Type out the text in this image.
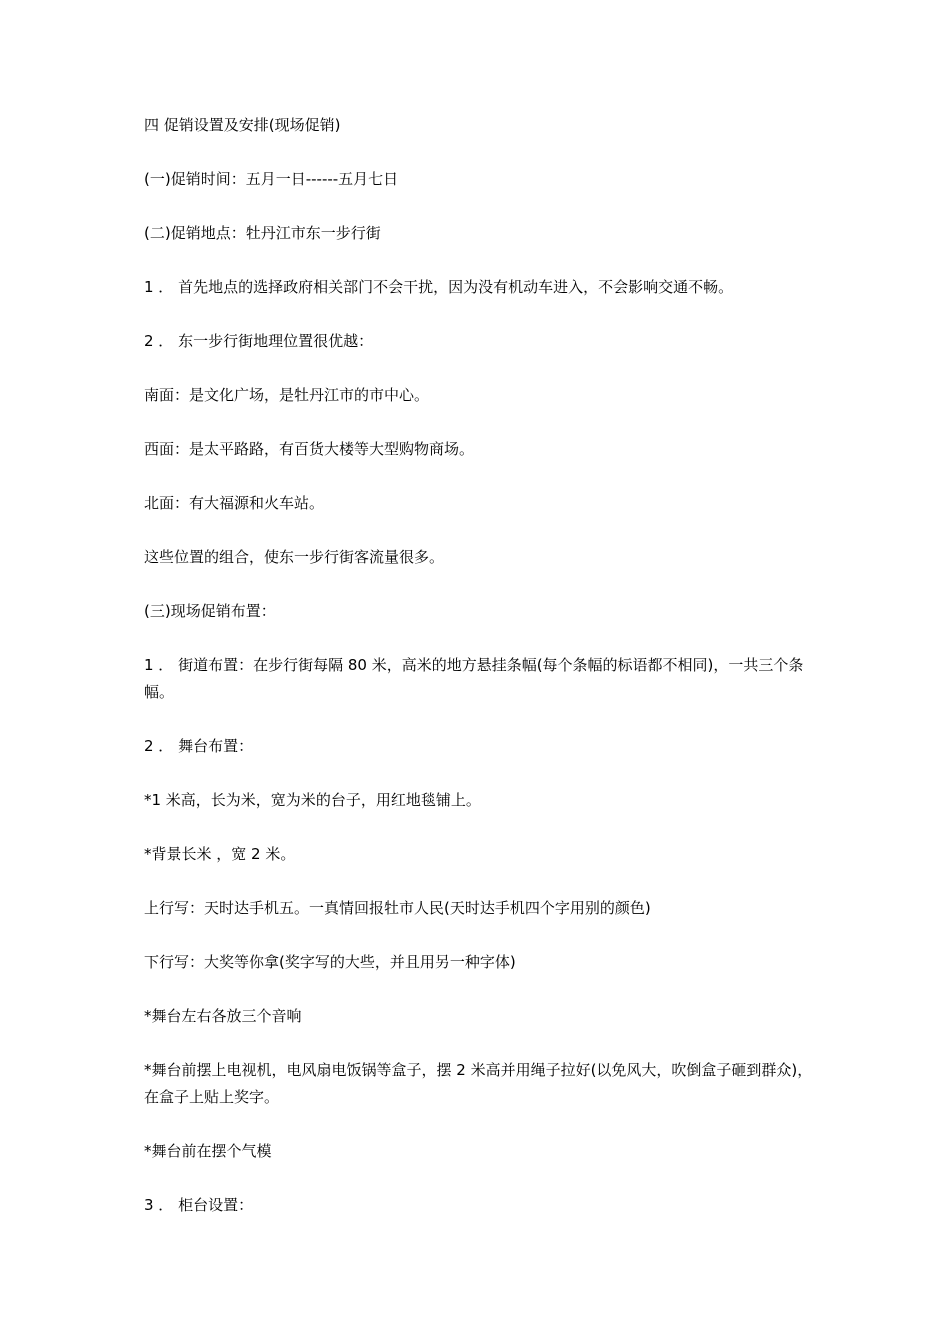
四 促销设置及安排(现场促销)

(一)促销时间：五月一日------五月七日

(二)促销地点：牡丹江市东一步行街

1 ． 首先地点的选择政府相关部门不会干扰，因为没有机动车进入，不会影响交通不畅。

2 ． 东一步行街地理位置很优越：

南面：是文化广场，是牡丹江市的市中心。

西面：是太平路路，有百货大楼等大型购物商场。

北面：有大福源和火车站。

这些位置的组合，使东一步行街客流量很多。

(三)现场促销布置：

1 ． 街道布置：在步行街每隔 80 米，高米的地方悬挂条幅(每个条幅的标语都不相同)，一共三个条幅。

2 ． 舞台布置：

*1 米高，长为米，宽为米的台子，用红地毯铺上。

*背景长米 ，宽 2 米。

上行写：天时达手机五。一真情回报牡市人民(天时达手机四个字用别的颜色)

下行写：大奖等你拿(奖字写的大些，并且用另一种字体)

*舞台左右各放三个音响

*舞台前摆上电视机，电风扇电饭锅等盒子，摆 2 米高并用绳子拉好(以免风大，吹倒盒子砸到群众)，在盒子上贴上奖字。

*舞台前在摆个气模

3 ． 柜台设置：
